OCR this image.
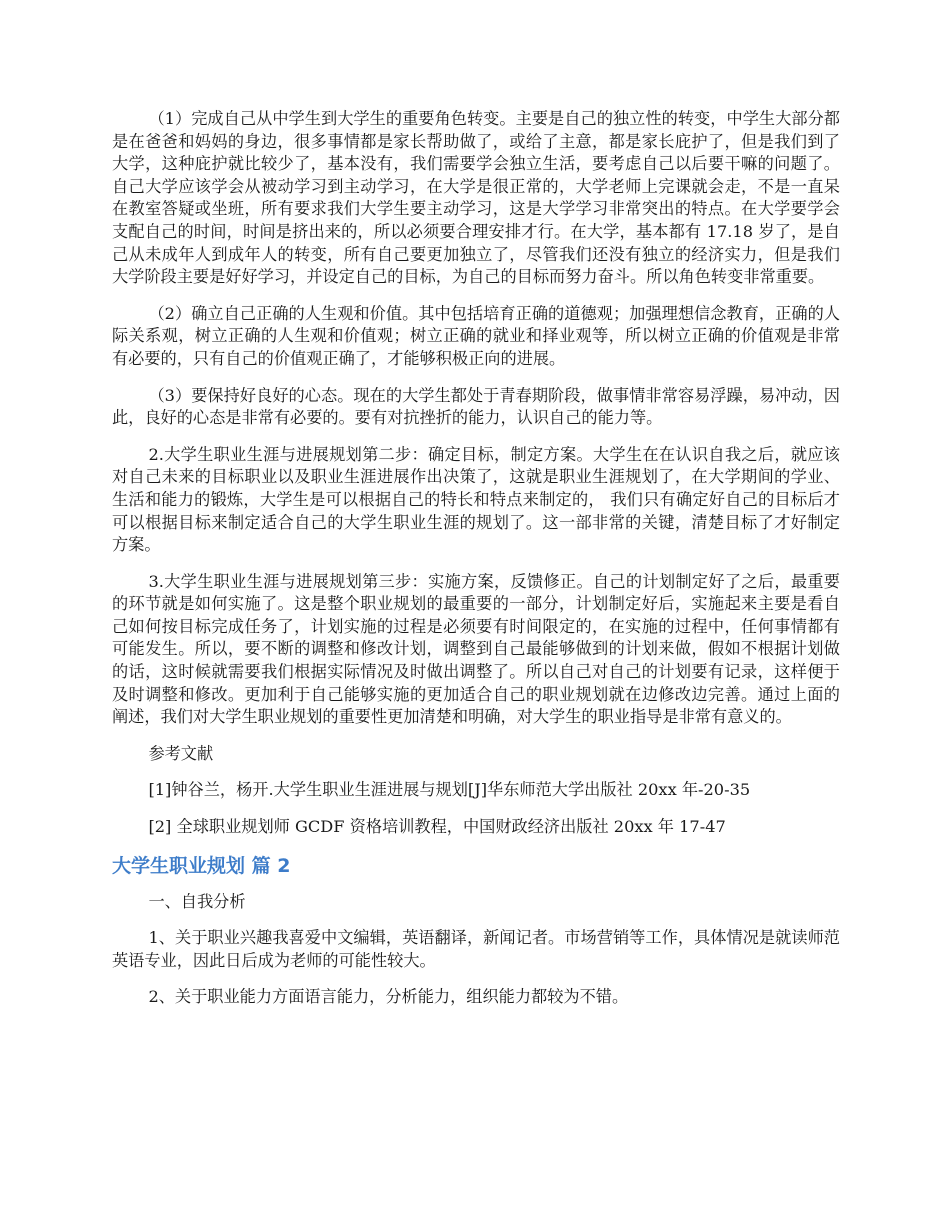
（1）完成自己从中学生到大学生的重要角色转变。主要是自己的独立性的转变，中学生大部分都是在爸爸和妈妈的身边，很多事情都是家长帮助做了，或给了主意，都是家长庇护了，但是我们到了大学，这种庇护就比较少了，基本没有，我们需要学会独立生活，要考虑自己以后要干嘛的问题了。自己大学应该学会从被动学习到主动学习，在大学是很正常的，大学老师上完课就会走，不是一直呆在教室答疑或坐班，所有要求我们大学生要主动学习，这是大学学习非常突出的特点。在大学要学会支配自己的时间，时间是挤出来的，所以必须要合理安排才行。在大学，基本都有 17.18 岁了，是自己从未成年人到成年人的转变，所有自己要更加独立了，尽管我们还没有独立的经济实力，但是我们大学阶段主要是好好学习，并设定自己的目标，为自己的目标而努力奋斗。所以角色转变非常重要。

（2）确立自己正确的人生观和价值。其中包括培育正确的道德观；加强理想信念教育，正确的人际关系观，树立正确的人生观和价值观；树立正确的就业和择业观等，所以树立正确的价值观是非常有必要的，只有自己的价值观正确了，才能够积极正向的进展。

（3）要保持好良好的心态。现在的大学生都处于青春期阶段，做事情非常容易浮躁，易冲动，因此，良好的心态是非常有必要的。要有对抗挫折的能力，认识自己的能力等。

2.大学生职业生涯与进展规划第二步：确定目标，制定方案。大学生在在认识自我之后，就应该对自己未来的目标职业以及职业生涯进展作出决策了，这就是职业生涯规划了，在大学期间的学业、生活和能力的锻炼，大学生是可以根据自己的特长和特点来制定的， 我们只有确定好自己的目标后才可以根据目标来制定适合自己的大学生职业生涯的规划了。这一部非常的关键，清楚目标了才好制定方案。

3.大学生职业生涯与进展规划第三步：实施方案，反馈修正。自己的计划制定好了之后，最重要的环节就是如何实施了。这是整个职业规划的最重要的一部分，计划制定好后，实施起来主要是看自己如何按目标完成任务了，计划实施的过程是必须要有时间限定的，在实施的过程中，任何事情都有可能发生。所以，要不断的调整和修改计划，调整到自己最能够做到的计划来做，假如不根据计划做的话，这时候就需要我们根据实际情况及时做出调整了。所以自己对自己的计划要有记录，这样便于及时调整和修改。更加利于自己能够实施的更加适合自己的职业规划就在边修改边完善。通过上面的阐述，我们对大学生职业规划的重要性更加清楚和明确，对大学生的职业指导是非常有意义的。

参考文献

[1]钟谷兰，杨开.大学生职业生涯进展与规划[J]华东师范大学出版社 20xx 年-20-35

[2] 全球职业规划师 GCDF 资格培训教程，中国财政经济出版社 20xx 年 17-47

大学生职业规划 篇 2

一、自我分析

1、关于职业兴趣我喜爱中文编辑，英语翻译，新闻记者。市场营销等工作，具体情况是就读师范英语专业，因此日后成为老师的可能性较大。

2、关于职业能力方面语言能力，分析能力，组织能力都较为不错。
